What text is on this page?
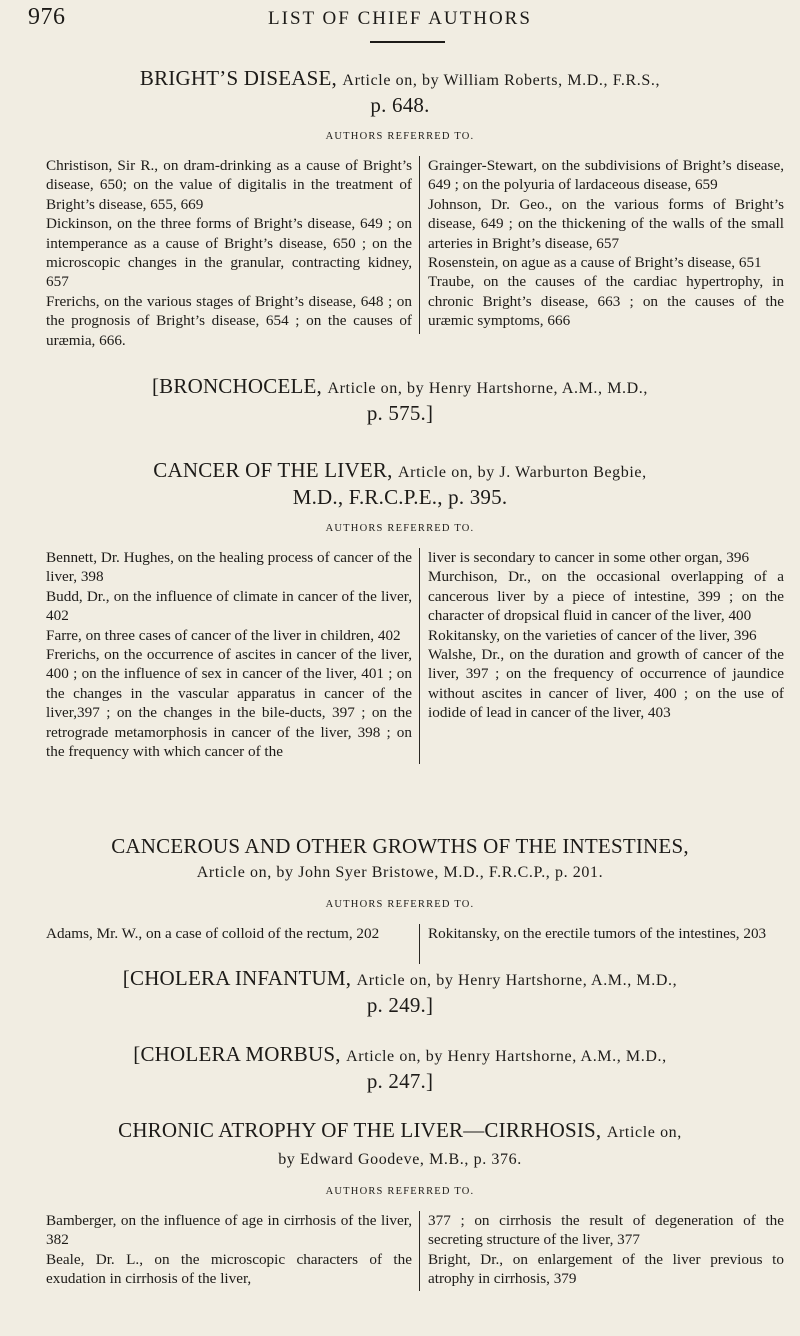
976	LIST OF CHIEF AUTHORS
BRIGHT’S DISEASE, Article on, by William Roberts, M.D., F.R.S.,
p. 648.
AUTHORS REFERRED TO.
Christison, Sir R., on dram-drinking as a cause of Bright’s disease, 650; on the value of digitalis in the treatment of Bright’s disease, 655, 669
Dickinson, on the three forms of Bright’s disease, 649 ; on intemperance as a cause of Bright’s disease, 650 ; on the microscopic changes in the granular, contracting kidney, 657
Frerichs, on the various stages of Bright’s disease, 648 ; on the prognosis of Bright’s disease, 654 ; on the causes of uræmia, 666.
Grainger-Stewart, on the subdivisions of Bright’s disease, 649 ; on the polyuria of lardaceous disease, 659
Johnson, Dr. Geo., on the various forms of Bright’s disease, 649 ; on the thickening of the walls of the small arteries in Bright’s disease, 657
Rosenstein, on ague as a cause of Bright’s disease, 651
Traube, on the causes of the cardiac hypertrophy, in chronic Bright’s disease, 663 ; on the causes of the uræmic symptoms, 666
[BRONCHOCELE, Article on, by Henry Hartshorne, A.M., M.D.,
p. 575.]
CANCER OF THE LIVER, Article on, by J. Warburton Begbie,
M.D., F.R.C.P.E., p. 395.
AUTHORS REFERRED TO.
Bennett, Dr. Hughes, on the healing process of cancer of the liver, 398
Budd, Dr., on the influence of climate in cancer of the liver, 402
Farre, on three cases of cancer of the liver in children, 402
Frerichs, on the occurrence of ascites in cancer of the liver, 400 ; on the influence of sex in cancer of the liver, 401 ; on the changes in the vascular apparatus in cancer of the liver,397 ; on the changes in the bile-ducts, 397 ; on the retrograde metamorphosis in cancer of the liver, 398 ; on the frequency with which cancer of the
liver is secondary to cancer in some other organ, 396
Murchison, Dr., on the occasional overlapping of a cancerous liver by a piece of intestine, 399 ; on the character of dropsical fluid in cancer of the liver, 400
Rokitansky, on the varieties of cancer of the liver, 396
Walshe, Dr., on the duration and growth of cancer of the liver, 397 ; on the frequency of occurrence of jaundice without ascites in cancer of liver, 400 ; on the use of iodide of lead in cancer of the liver, 403
CANCEROUS AND OTHER GROWTHS OF THE INTESTINES,
Article on, by John Syer Bristowe, M.D., F.R.C.P., p. 201.
AUTHORS REFERRED TO.
Adams, Mr. W., on a case of colloid of the rectum, 202	Rokitansky, on the erectile tumors of the intestines, 203
[CHOLERA INFANTUM, Article on, by Henry Hartshorne, A.M., M.D.,
p. 249.]
[CHOLERA MORBUS, Article on, by Henry Hartshorne, A.M., M.D.,
p. 247.]
CHRONIC ATROPHY OF THE LIVER—CIRRHOSIS, Article on,
by Edward Goodeve, M.B., p. 376.
AUTHORS REFERRED TO.
Bamberger, on the influence of age in cirrhosis of the liver, 382
Beale, Dr. L., on the microscopic characters of the exudation in cirrhosis of the liver,
377 ; on cirrhosis the result of degeneration of the secreting structure of the liver, 377
Bright, Dr., on enlargement of the liver previous to atrophy in cirrhosis, 379
